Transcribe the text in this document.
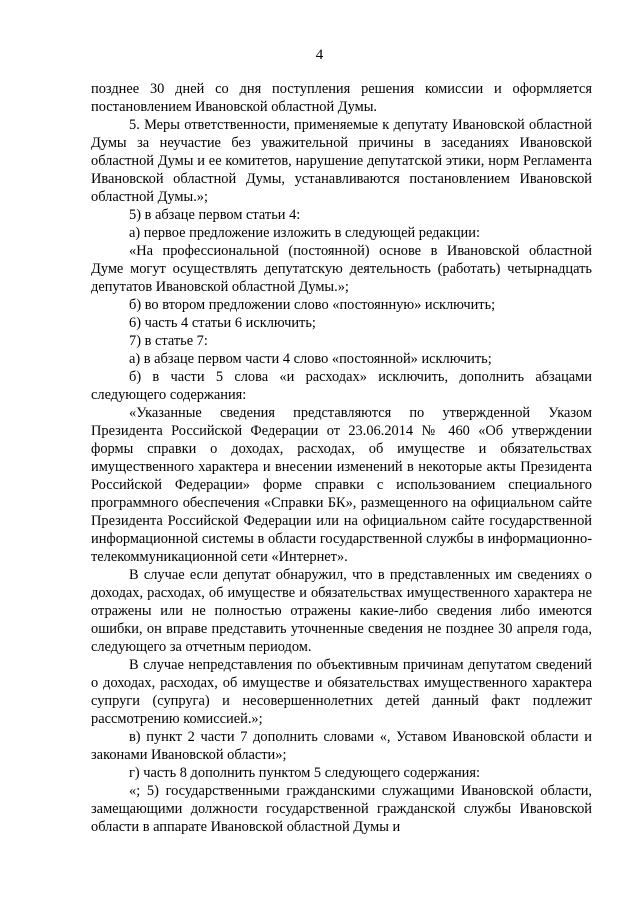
4

позднее 30 дней со дня поступления решения комиссии и оформляется постановлением Ивановской областной Думы.

5. Меры ответственности, применяемые к депутату Ивановской областной Думы за неучастие без уважительной причины в заседаниях Ивановской областной Думы и ее комитетов, нарушение депутатской этики, норм Регламента Ивановской областной Думы, устанавливаются постановлением Ивановской областной Думы.»;

5) в абзаце первом статьи 4:

а) первое предложение изложить в следующей редакции:

«На профессиональной (постоянной) основе в Ивановской областной Думе могут осуществлять депутатскую деятельность (работать) четырнадцать депутатов Ивановской областной Думы.»;

б) во втором предложении слово «постоянную» исключить;

6) часть 4 статьи 6 исключить;

7) в статье 7:

а) в абзаце первом части 4 слово «постоянной» исключить;

б) в части 5 слова «и расходах» исключить, дополнить абзацами следующего содержания:

«Указанные сведения представляются по утвержденной Указом Президента Российской Федерации от 23.06.2014 № 460 «Об утверждении формы справки о доходах, расходах, об имуществе и обязательствах имущественного характера и внесении изменений в некоторые акты Президента Российской Федерации» форме справки с использованием специального программного обеспечения «Справки БК», размещенного на официальном сайте Президента Российской Федерации или на официальном сайте государственной информационной системы в области государственной службы в информационно-телекоммуникационной сети «Интернет».

В случае если депутат обнаружил, что в представленных им сведениях о доходах, расходах, об имуществе и обязательствах имущественного характера не отражены или не полностью отражены какие-либо сведения либо имеются ошибки, он вправе представить уточненные сведения не позднее 30 апреля года, следующего за отчетным периодом.

В случае непредставления по объективным причинам депутатом сведений о доходах, расходах, об имуществе и обязательствах имущественного характера супруги (супруга) и несовершеннолетних детей данный факт подлежит рассмотрению комиссией.»;

в) пункт 2 части 7 дополнить словами «, Уставом Ивановской области и законами Ивановской области»;

г) часть 8 дополнить пунктом 5 следующего содержания:

«; 5) государственными гражданскими служащими Ивановской области, замещающими должности государственной гражданской службы Ивановской области в аппарате Ивановской областной Думы и
